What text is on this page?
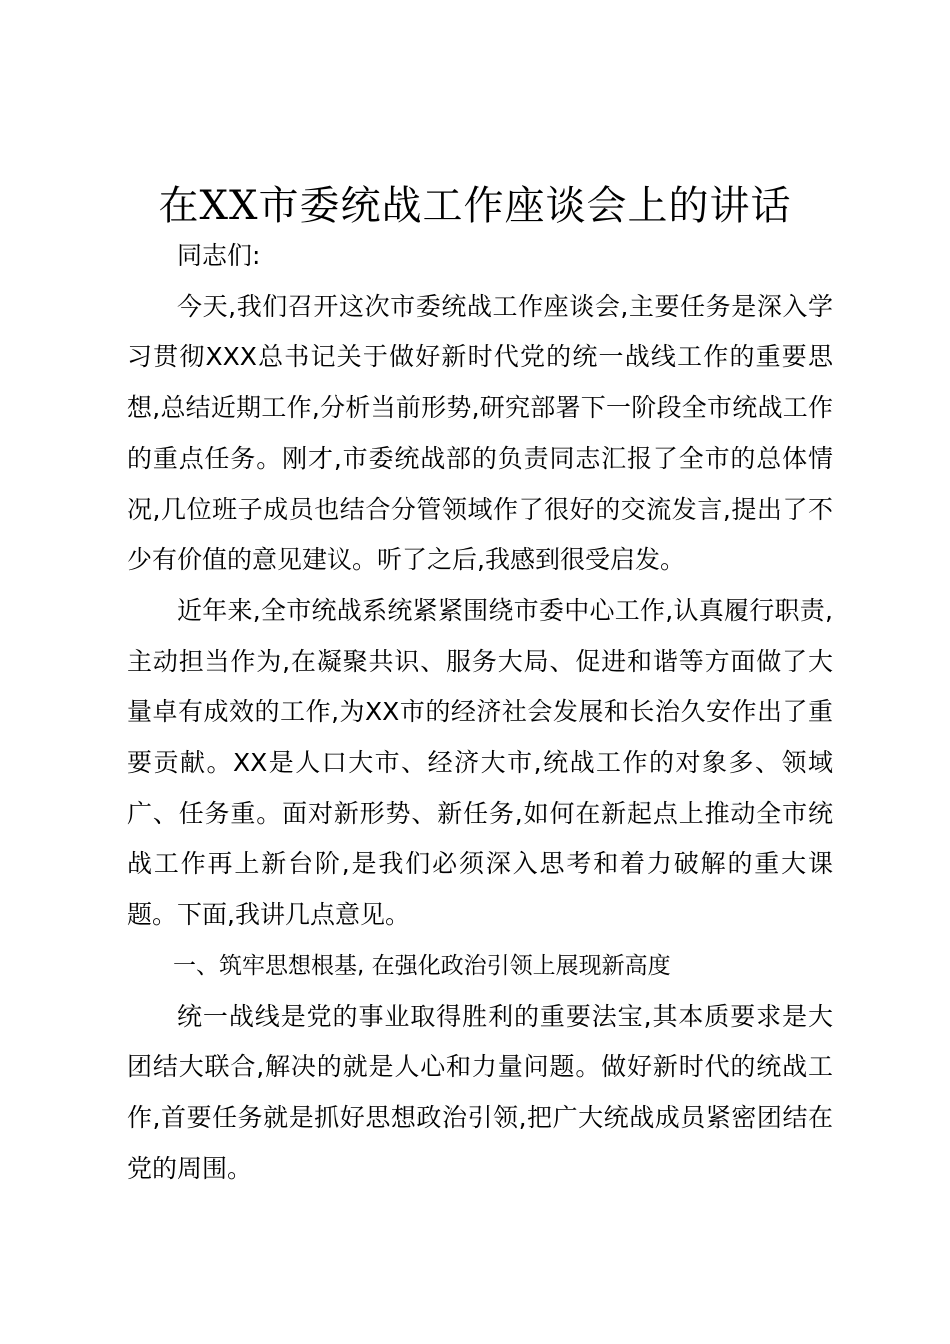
在XX市委统战工作座谈会上的讲话

同志们:

今天,我们召开这次市委统战工作座谈会,主要任务是深入学习贯彻XXX总书记关于做好新时代党的统一战线工作的重要思想,总结近期工作,分析当前形势,研究部署下一阶段全市统战工作的重点任务。刚才,市委统战部的负责同志汇报了全市的总体情况,几位班子成员也结合分管领域作了很好的交流发言,提出了不少有价值的意见建议。听了之后,我感到很受启发。

近年来,全市统战系统紧紧围绕市委中心工作,认真履行职责,主动担当作为,在凝聚共识、服务大局、促进和谐等方面做了大量卓有成效的工作,为XX市的经济社会发展和长治久安作出了重要贡献。XX是人口大市、经济大市,统战工作的对象多、领域广、任务重。面对新形势、新任务,如何在新起点上推动全市统战工作再上新台阶,是我们必须深入思考和着力破解的重大课题。下面,我讲几点意见。

一、筑牢思想根基, 在强化政治引领上展现新高度

统一战线是党的事业取得胜利的重要法宝,其本质要求是大团结大联合,解决的就是人心和力量问题。做好新时代的统战工作,首要任务就是抓好思想政治引领,把广大统战成员紧密团结在党的周围。
